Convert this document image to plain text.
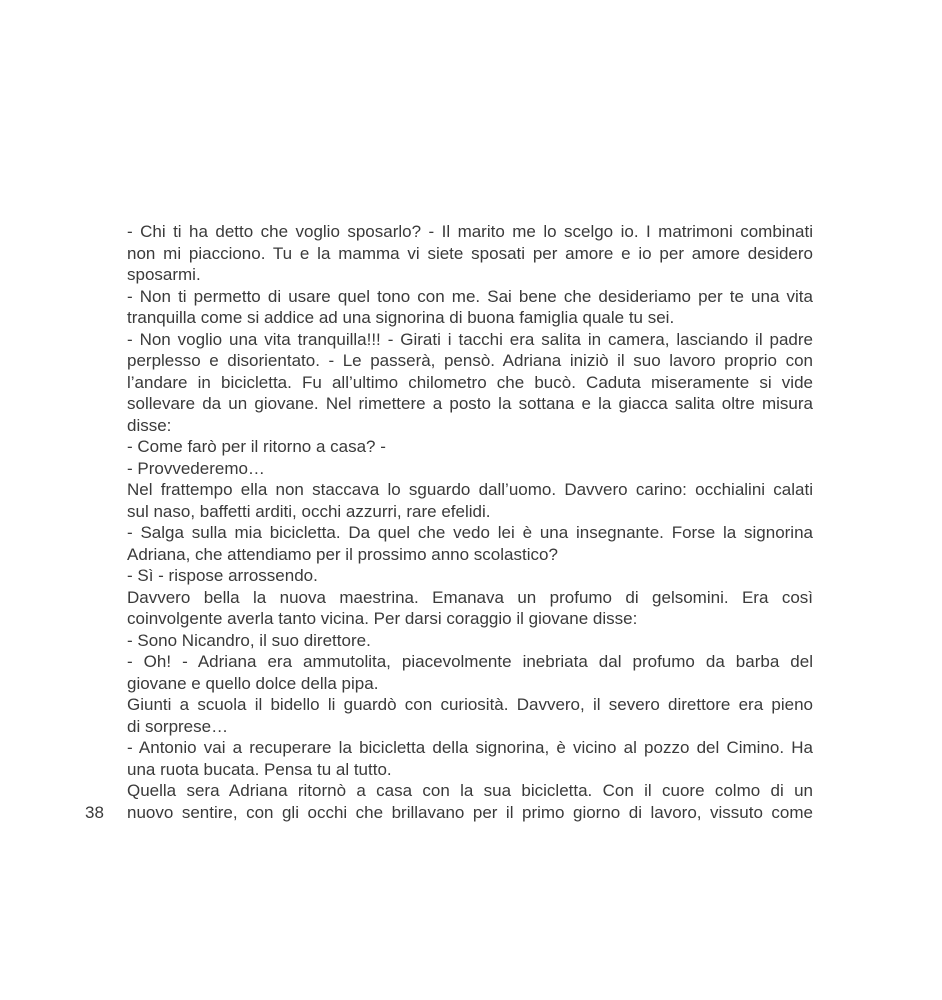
38
- Chi ti ha detto che voglio sposarlo? - Il marito me lo scelgo io. I matrimoni combinati
non mi piacciono. Tu e la mamma vi siete sposati per amore e io per amore desidero
sposarmi.
- Non ti permetto di usare quel tono con me. Sai bene che desideriamo per te una vita
tranquilla come si addice ad una signorina di buona famiglia quale tu sei.
- Non voglio una vita tranquilla!!! - Girati i tacchi era salita in camera, lasciando il padre
perplesso e disorientato. - Le passerà, pensò. Adriana iniziò il suo lavoro proprio con
l’andare in bicicletta. Fu all’ultimo chilometro che bucò. Caduta miseramente si vide
sollevare da un giovane. Nel rimettere a posto la sottana e la giacca salita oltre misura
disse:
- Come farò per il ritorno a casa? -
- Provvederemo…
Nel frattempo ella non staccava lo sguardo dall’uomo. Davvero carino: occhialini calati
sul naso, baffetti arditi, occhi azzurri, rare efelidi.
- Salga sulla mia bicicletta. Da quel che vedo lei è una insegnante. Forse la signorina
Adriana, che attendiamo per il prossimo anno scolastico?
- Sì - rispose arrossendo.
Davvero bella la nuova maestrina. Emanava un profumo di gelsomini. Era così
coinvolgente averla tanto vicina. Per darsi coraggio il giovane disse:
- Sono Nicandro, il suo direttore.
- Oh! - Adriana era ammutolita, piacevolmente inebriata dal profumo da barba del
giovane e quello dolce della pipa.
Giunti a scuola il bidello li guardò con curiosità. Davvero, il severo direttore era pieno
di sorprese…
- Antonio vai a recuperare la bicicletta della signorina, è vicino al pozzo del Cimino. Ha
una ruota bucata. Pensa tu al tutto.
Quella sera Adriana ritornò a casa con la sua bicicletta. Con il cuore colmo di un
nuovo sentire, con gli occhi che brillavano per il primo giorno di lavoro, vissuto come
